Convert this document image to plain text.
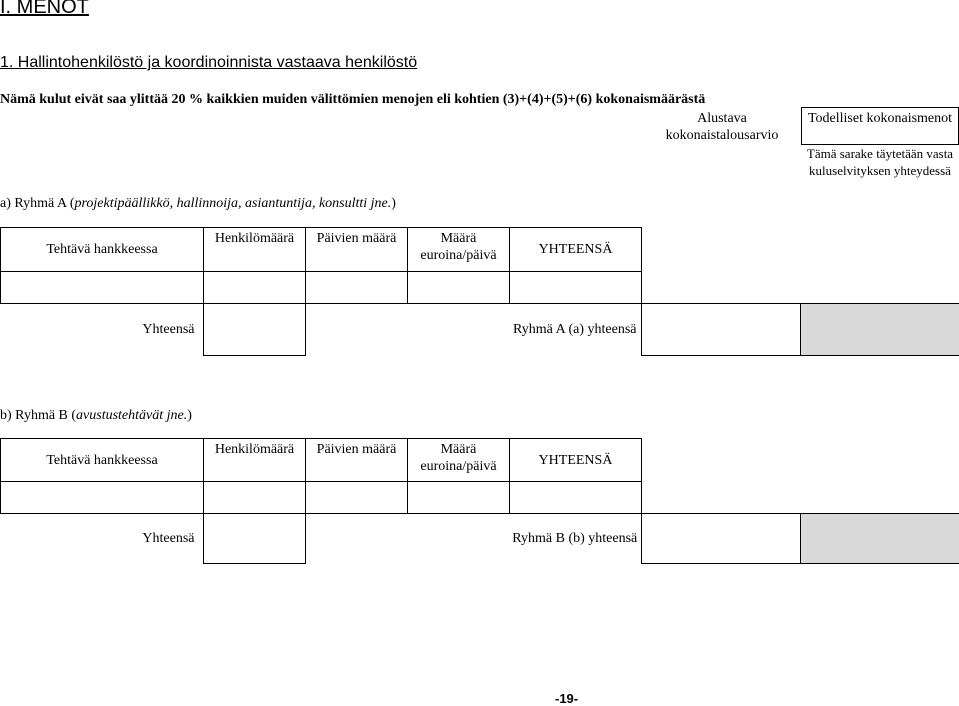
I. MENOT
1. Hallintohenkilöstö ja koordinoinnista vastaava henkilöstö
Nämä kulut eivät saa ylittää 20 % kaikkien muiden välittömien menojen eli kohtien (3)+(4)+(5)+(6) kokonaismäärästä
Alustava kokonaistalousarvio
Todelliset kokonaismenot
Tämä sarake täytetään vasta kuluselvityksen yhteydessä
a) Ryhmä A (projektipäällikkö, hallinnoija, asiantuntija, konsultti jne.)
Tehtävä hankkeessa	Henkilömäärä	Päivien määrä	Määrä euroina/päivä	YHTEENSÄ

Yhteensä			Ryhmä A (a) yhteensä		
b) Ryhmä B (avustustehtävät jne.)
Tehtävä hankkeessa	Henkilömäärä	Päivien määrä	Määrä euroina/päivä	YHTEENSÄ

Yhteensä			Ryhmä B (b) yhteensä		
-19-
